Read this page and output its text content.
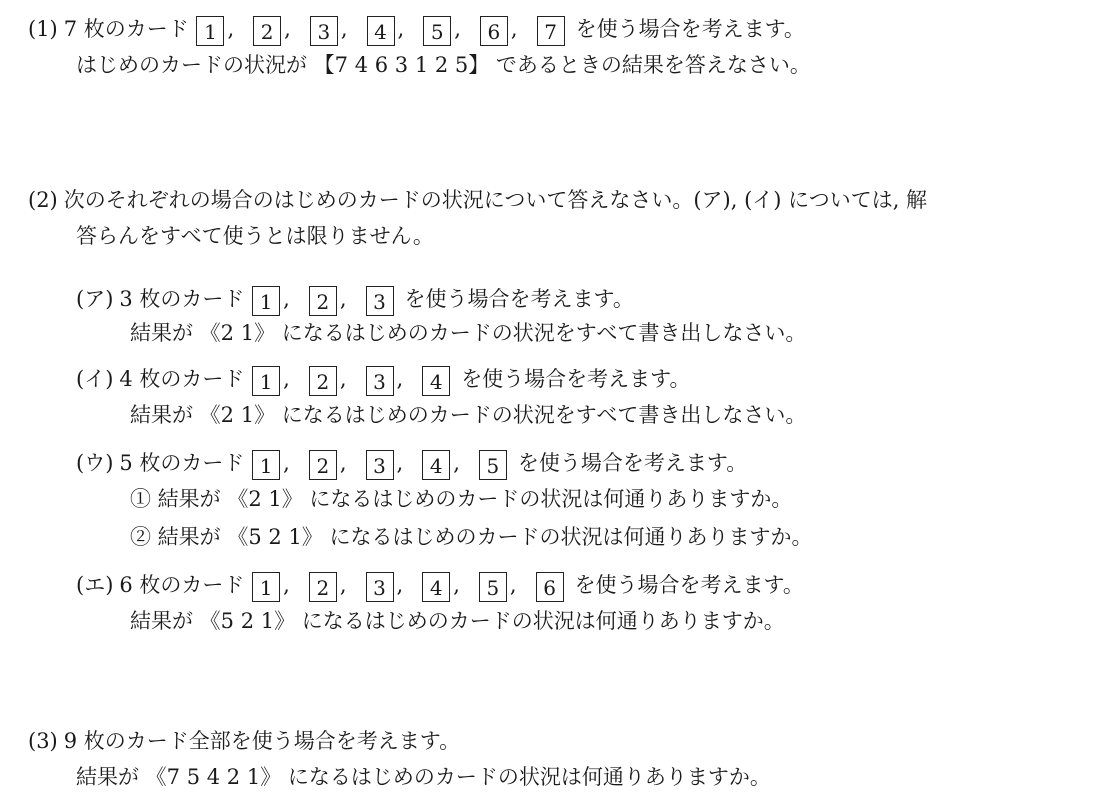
(1) 7 枚のカード 1 , 2 , 3 , 4 , 5 , 6 , 7 を使う場合を考えます。
はじめのカードの状況が 【7 4 6 3 1 2 5】 であるときの結果を答えなさい。
(2) 次のそれぞれの場合のはじめのカードの状況について答えなさい。(ア), (イ) については, 解
答らんをすべて使うとは限りません。
(ア) 3 枚のカード 1 , 2 , 3 を使う場合を考えます。
結果が 《2 1》 になるはじめのカードの状況をすべて書き出しなさい。
(イ) 4 枚のカード 1 , 2 , 3 , 4 を使う場合を考えます。
結果が 《2 1》 になるはじめのカードの状況をすべて書き出しなさい。
(ウ) 5 枚のカード 1 , 2 , 3 , 4 , 5 を使う場合を考えます。
① 結果が 《2 1》 になるはじめのカードの状況は何通りありますか。
② 結果が 《5 2 1》 になるはじめのカードの状況は何通りありますか。
(エ) 6 枚のカード 1 , 2 , 3 , 4 , 5 , 6 を使う場合を考えます。
結果が 《5 2 1》 になるはじめのカードの状況は何通りありますか。
(3) 9 枚のカード全部を使う場合を考えます。
結果が 《7 5 4 2 1》 になるはじめのカードの状況は何通りありますか。
